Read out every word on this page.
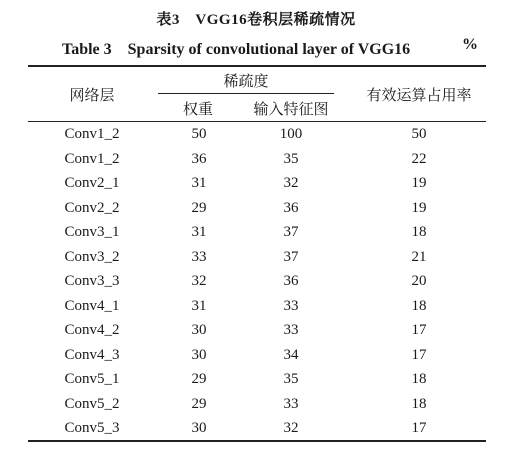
表3　VGG16卷积层稀疏情况
Table 3　Sparsity of convolutional layer of VGG16	%
网络层
稀疏度
权重	输入特征图
有效运算占用率
Conv1_2	50	100	50
Conv1_2	36	35	22
Conv2_1	31	32	19
Conv2_2	29	36	19
Conv3_1	31	37	18
Conv3_2	33	37	21
Conv3_3	32	36	20
Conv4_1	31	33	18
Conv4_2	30	33	17
Conv4_3	30	34	17
Conv5_1	29	35	18
Conv5_2	29	33	18
Conv5_3	30	32	17
